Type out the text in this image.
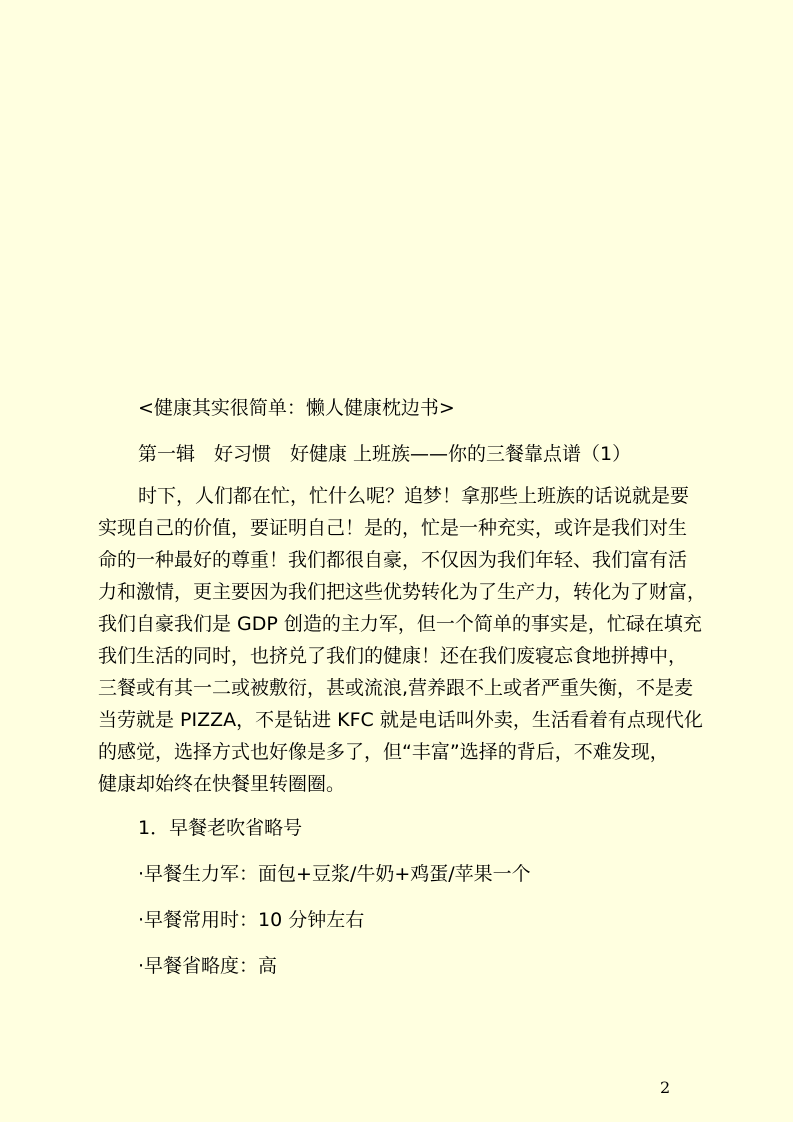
<健康其实很简单：懒人健康枕边书>
第一辑　好习惯　好健康 上班族——你的三餐靠点谱（1）
时下，人们都在忙，忙什么呢？追梦！拿那些上班族的话说就是要
实现自己的价值，要证明自己！是的，忙是一种充实，或许是我们对生
命的一种最好的尊重！我们都很自豪，不仅因为我们年轻、我们富有活
力和激情，更主要因为我们把这些优势转化为了生产力，转化为了财富，
我们自豪我们是 GDP 创造的主力军，但一个简单的事实是，忙碌在填充
我们生活的同时，也挤兑了我们的健康！还在我们废寝忘食地拼搏中，
三餐或有其一二或被敷衍，甚或流浪,营养跟不上或者严重失衡，不是麦
当劳就是 PIZZA，不是钻进 KFC 就是电话叫外卖，生活看着有点现代化
的感觉，选择方式也好像是多了，但“丰富”选择的背后，不难发现，
健康却始终在快餐里转圈圈。
1．早餐老吹省略号
·早餐生力军：面包+豆浆/牛奶+鸡蛋/苹果一个
·早餐常用时：10 分钟左右
·早餐省略度：高
2
